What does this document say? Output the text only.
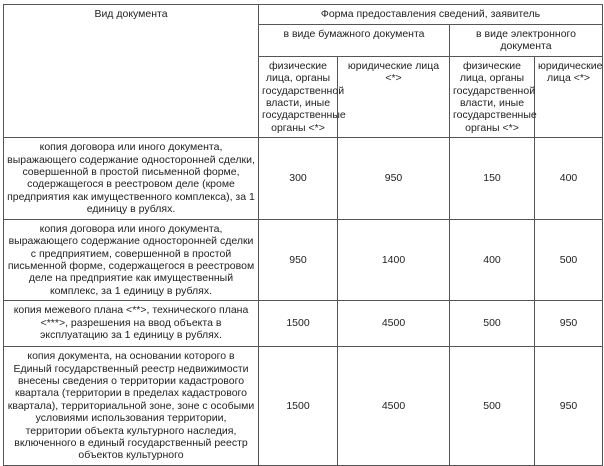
Вид документа	Форма предоставления сведений, заявитель			
	в виде бумажного документа		в виде электронного документа	
	физические лица, органы государственной власти, иные государственные органы <*>	юридические лица <*>	физические лица, органы государственной власти, иные государственные органы <*>	юридические лица <*>
копия договора или иного документа, выражающего содержание односторонней сделки, совершенной в простой письменной форме, содержащегося в реестровом деле (кроме предприятия как имущественного комплекса), за 1 единицу в рублях.	300	950	150	400
копия договора или иного документа, выражающего содержание односторонней сделки с предприятием, совершенной в простой письменной форме, содержащегося в реестровом деле на предприятие как имущественный комплекс, за 1 единицу в рублях.	950	1400	400	500
копия межевого плана <**>, технического плана <***>, разрешения на ввод объекта в эксплуатацию за 1 единицу в рублях.	1500	4500	500	950
копия документа, на основании которого в Единый государственный реестр недвижимости внесены сведения о территории кадастрового квартала (территории в пределах кадастрового квартала), территориальной зоне, зоне с особыми условиями использования территории, территории объекта культурного наследия, включенного в единый государственный реестр объектов культурного	1500	4500	500	950
